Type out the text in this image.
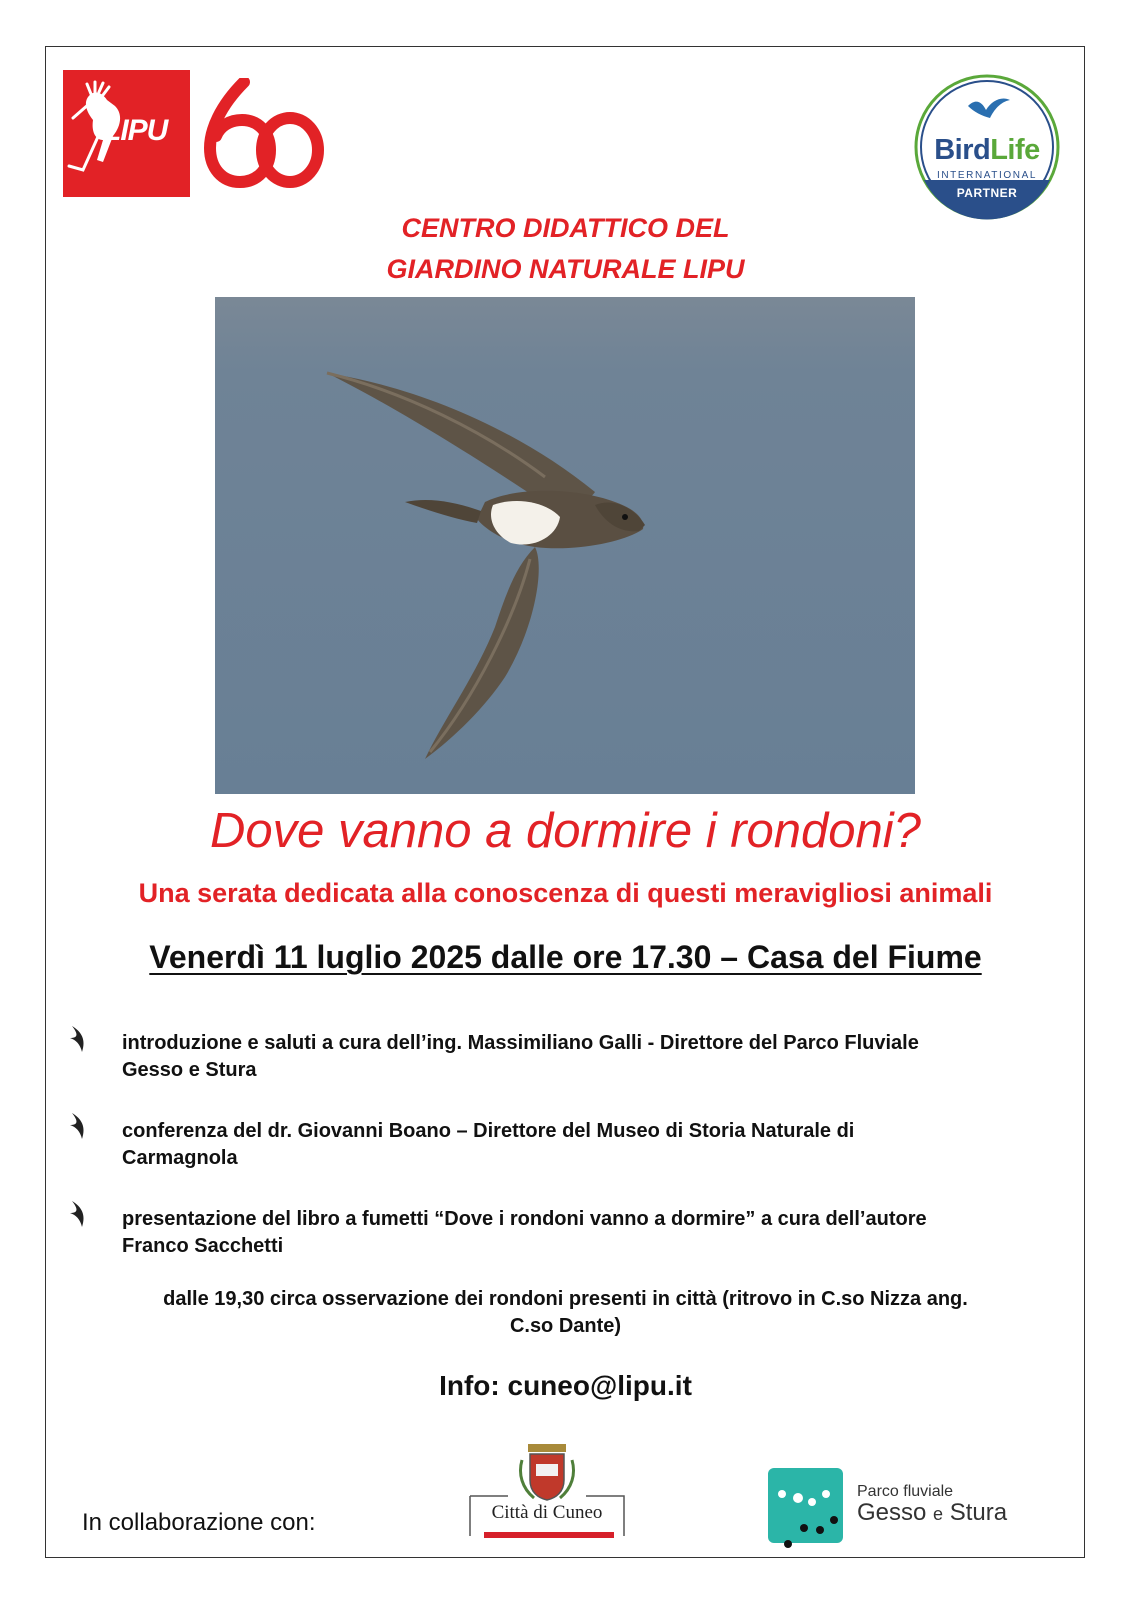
LIPU
BirdLife
INTERNATIONAL
PARTNER
CENTRO DIDATTICO DEL
GIARDINO NATURALE LIPU
Dove vanno a dormire i rondoni?
Una serata dedicata alla conoscenza di questi meravigliosi animali
Venerdì 11 luglio 2025 dalle ore 17.30 – Casa del Fiume
introduzione e saluti a cura dell’ing. Massimiliano Galli - Direttore del Parco Fluviale
Gesso e Stura
conferenza del dr. Giovanni Boano – Direttore del Museo di Storia Naturale di
Carmagnola
presentazione del libro a fumetti “Dove i rondoni vanno a dormire” a cura dell’autore
Franco Sacchetti
dalle 19,30 circa osservazione dei rondoni presenti in città (ritrovo in C.so Nizza ang.
C.so Dante)
Info: cuneo@lipu.it
In collaborazione con:	Città di Cuneo
Parco fluviale
Gesso e Stura
